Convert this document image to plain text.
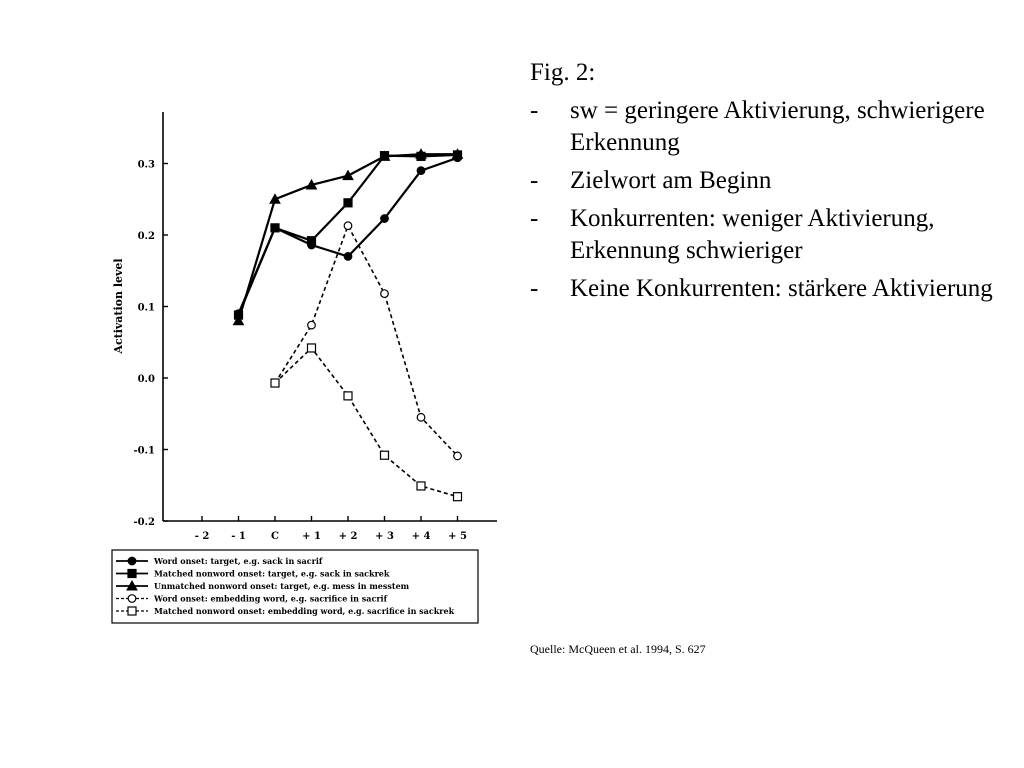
0.3
0.2
0.1
0.0
-0.1
-0.2
- 2 - 1	C + 1 + 2 + 3 + 4 + 5
Activation level
Word onset: target, e.g. sack in sacrif
Matched nonword onset: target, e.g. sack in sackrek
Unmatched nonword onset: target, e.g. mess in messtem
Word onset: embedding word, e.g. sacrifice in sacrif
Matched nonword onset: embedding word, e.g. sacrifice in sackrek
Fig. 2:
-	sw = geringere Aktivierung, schwierigere Erkennung
-	Zielwort am Beginn
-	Konkurrenten: weniger Aktivierung, Erkennung schwieriger
-	Keine Konkurrenten: stärkere Aktivierung
Quelle: McQueen et al. 1994, S. 627
